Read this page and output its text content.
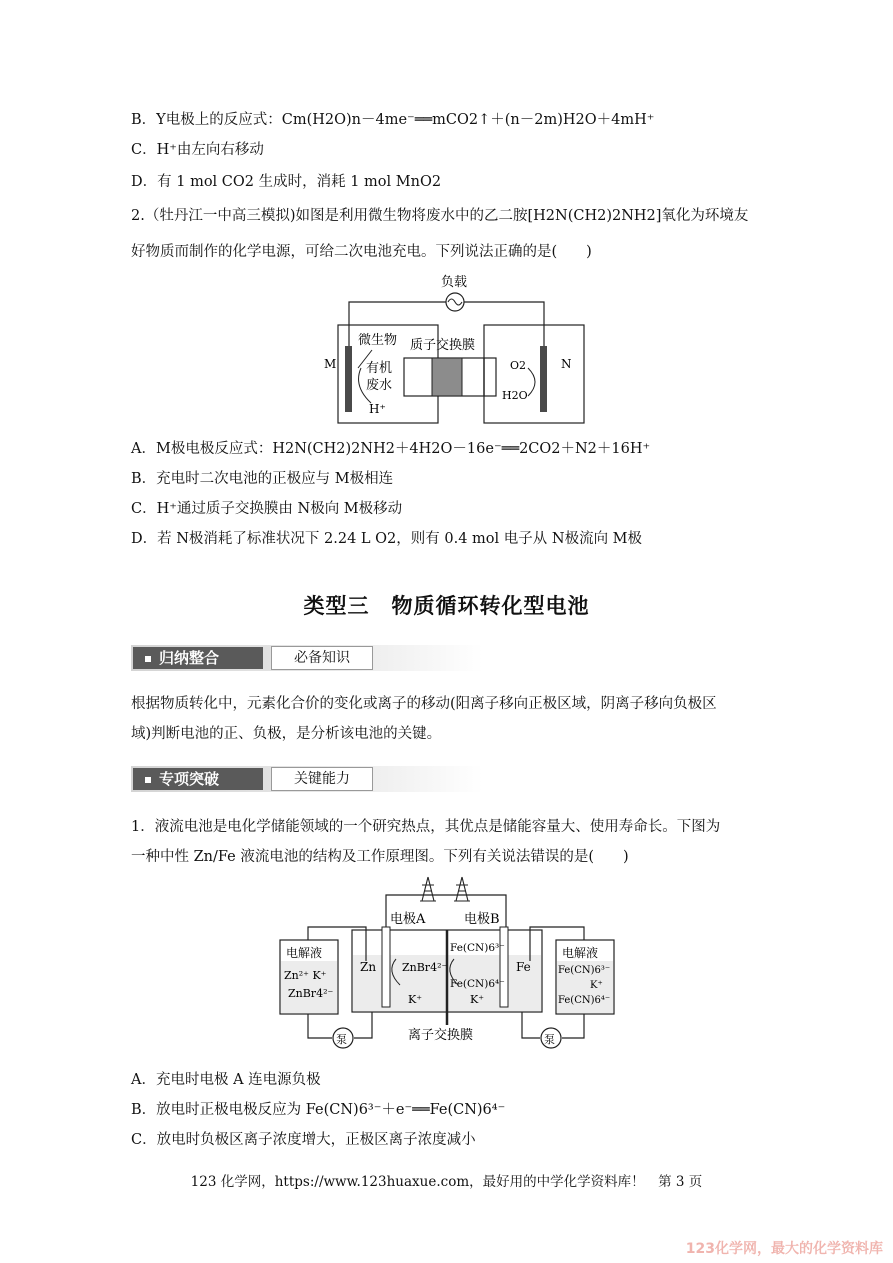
B．Y电极上的反应式：Cm(H2O)n－4me⁻══mCO2↑＋(n－2m)H2O＋4mH⁺
C．H⁺由左向右移动
D．有 1 mol CO2 生成时，消耗 1 mol MnO2
2.（牡丹江一中高三模拟)如图是利用微生物将废水中的乙二胺[H2N(CH2)2NH2]氧化为环境友
好物质而制作的化学电源，可给二次电池充电。下列说法正确的是(　　)
负载
M	N
微生物
有机
废水
H⁺
质子交换膜
O2
H2O
A．M极电极反应式：H2N(CH2)2NH2＋4H2O－16e⁻══2CO2＋N2＋16H⁺
B．充电时二次电池的正极应与 M极相连
C．H⁺通过质子交换膜由 N极向 M极移动
D．若 N极消耗了标准状况下 2.24 L O2，则有 0.4 mol 电子从 N极流向 M极
类型三　物质循环转化型电池
归纳整合	必备知识
根据物质转化中，元素化合价的变化或离子的移动(阳离子移向正极区域，阴离子移向负极区
域)判断电池的正、负极，是分析该电池的关键。
专项突破	关键能力
1．液流电池是电化学储能领域的一个研究热点，其优点是储能容量大、使用寿命长。下图为
一种中性 Zn/Fe 液流电池的结构及工作原理图。下列有关说法错误的是(　　)
电极A	电极B
Zn ZnBr4²⁻
K⁺
Fe(CN)6³⁻
Fe(CN)6⁴⁻
K⁺
Fe
电解液
Zn²⁺ K⁺
ZnBr4²⁻
电解液
Fe(CN)6³⁻
K⁺
Fe(CN)6⁴⁻
泵	泵
离子交换膜
A．充电时电极 A 连电源负极
B．放电时正极电极反应为 Fe(CN)6³⁻＋e⁻══Fe(CN)6⁴⁻
C．放电时负极区离子浓度增大，正极区离子浓度减小
123 化学网，https://www.123huaxue.com，最好用的中学化学资料库！　第 3 页
123化学网，最大的化学资料库
